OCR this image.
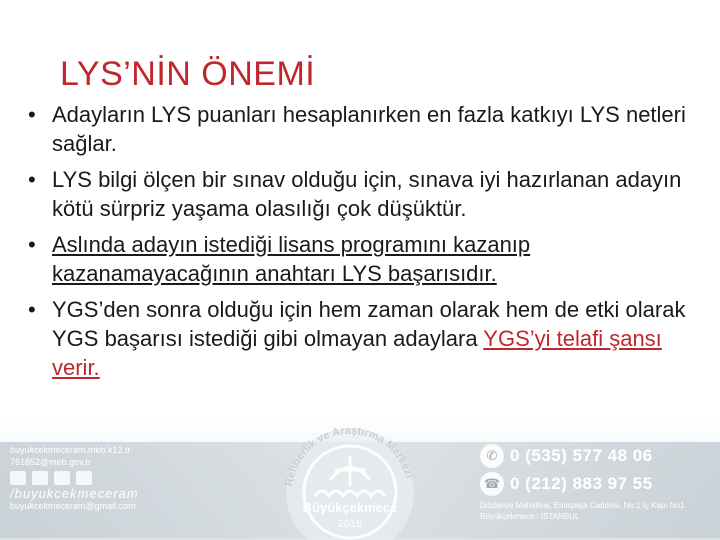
LYS’NİN ÖNEMİ
• Adayların LYS puanları hesaplanırken en fazla katkıyı LYS netleri sağlar.
• LYS bilgi ölçen bir sınav olduğu için, sınava iyi hazırlanan adayın kötü sürpriz yaşama olasılığı çok düşüktür.
• Aslında adayın istediği lisans programını kazanıp kazanamayacağının anahtarı LYS başarısıdır.
• YGS’den sonra olduğu için hem zaman olarak hem de etki olarak YGS başarısı istediği gibi olmayan adaylara YGS’yi telafi şansı verir.
buyukcekmeceram.meb.k12.tr
761852@meb.gov.tr
/buyukcekmeceram
buyukcekmeceram@gmail.com
Rehberlik ve Araştırma Merkezi
Büyükçekmece
2016
✆ 0 (535) 577 48 06
☎ 0 (212) 883 97 55
Dizdariye Mahallesi, Emirpaşa Caddesi, No:1 İç Kapı No1 Büyükçekmece / İSTANBUL
